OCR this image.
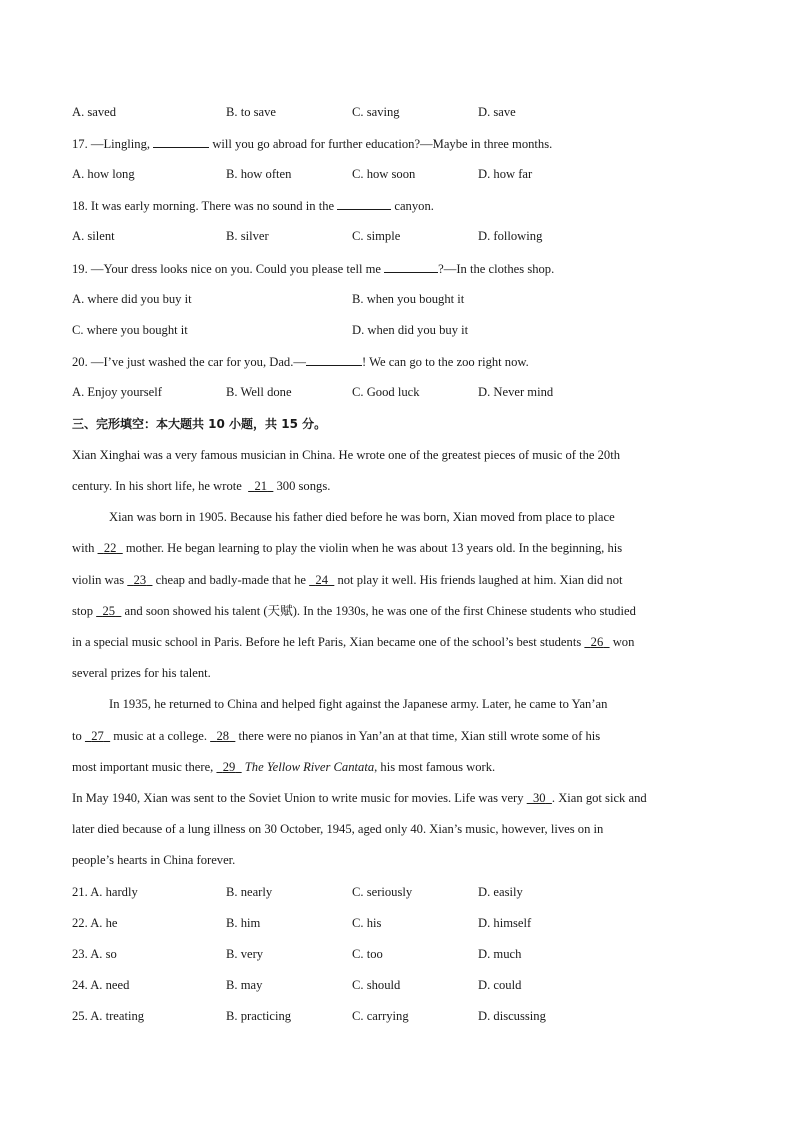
A. saved	B. to save	C. saving	D. save
17. —Lingling,	will you go abroad for further education?—Maybe in three months.
A. how long	B. how often	C. how soon	D. how far
18. It was early morning. There was no sound in the	canyon.
A. silent	B. silver	C. simple	D. following
19. —Your dress looks nice on you. Could you please tell me	?—In the clothes shop.
A. where did you buy it	B. when you bought it
C. where you bought it	D. when did you buy it
20. —I’ve just washed the car for you, Dad.—	! We can go to the zoo right now.
A. Enjoy yourself	B. Well done	C. Good luck	D. Never mind
三、完形填空：本大题共 10 小题，共 15 分。
Xian Xinghai was a very famous musician in China. He wrote one of the greatest pieces of music of the 20th
century. In his short life, he wrote    21   300 songs.
Xian was born in 1905. Because his father died before he was born, Xian moved from place to place
with   22   mother. He began learning to play the violin when he was about 13 years old. In the beginning, his
violin was   23   cheap and badly-made that he   24   not play it well. His friends laughed at him. Xian did not
stop   25   and soon showed his talent (天赋). In the 1930s, he was one of the first Chinese students who studied
in a special music school in Paris. Before he left Paris, Xian became one of the school’s best students   26   won
several prizes for his talent.
In 1935, he returned to China and helped fight against the Japanese army. Later, he came to Yan’an
to   27   music at a college.   28   there were no pianos in Yan’an at that time, Xian still wrote some of his
most important music there,   29 The Yellow River Cantata, his most famous work.
In May 1940, Xian was sent to the Soviet Union to write music for movies. Life was very   30 . Xian got sick and
later died because of a lung illness on 30 October, 1945, aged only 40. Xian’s music, however, lives on in
people’s hearts in China forever.
21. A. hardly	B. nearly	C. seriously	D. easily
22. A. he	B. him	C. his	D. himself
23. A. so	B. very	C. too	D. much
24. A. need	B. may	C. should	D. could
25. A. treating	B. practicing	C. carrying	D. discussing
